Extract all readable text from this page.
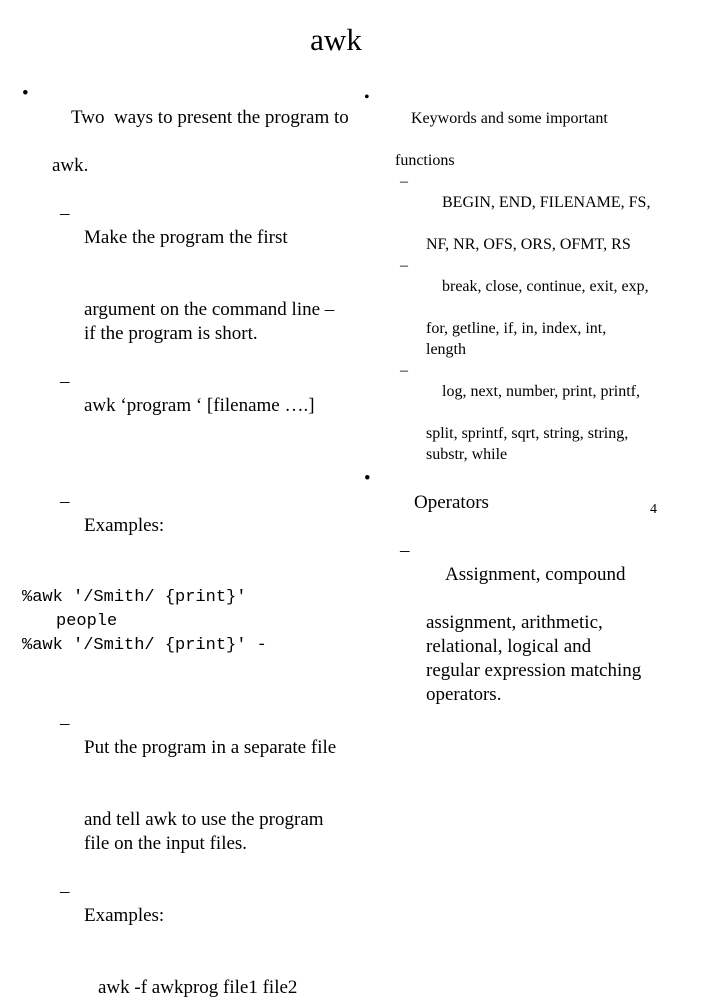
awk

•
Two  ways to present the program to

awk.

–
Make the program the first

argument on the command line –
if the program is short.

–
awk ‘program ‘ [filename ….]

–
Examples:

%awk '/Smith/ {print}'
people
%awk '/Smith/ {print}' -

–
Put the program in a separate file

and tell awk to use the program
file on the input files.

–
Examples:

awk -f awkprog file1 file2

•
Keywords and some important

functions

–
BEGIN, END, FILENAME, FS,

NF, NR, OFS, ORS, OFMT, RS

–
break, close, continue, exit, exp,

for, getline, if, in, index, int,
length

–
log, next, number, print, printf,

split, sprintf, sqrt, string, string,
substr, while

•
Operators

–
Assignment, compound

assignment, arithmetic,
relational, logical and
regular expression matching
operators.
4
